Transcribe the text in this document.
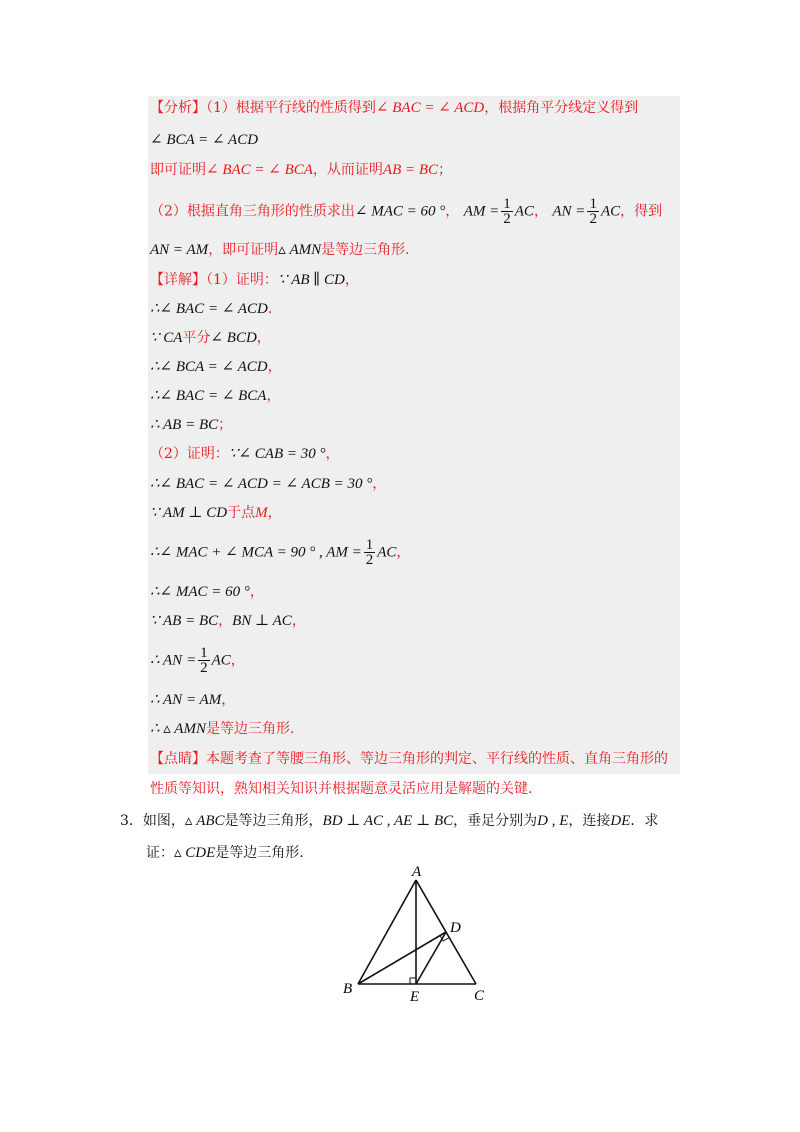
【分析】（1）根据平行线的性质得到∠ BAC = ∠ ACD，根据角平分线定义得到
∠ BCA = ∠ ACD
即可证明∠ BAC = ∠ BCA，从而证明AB = BC；
（2）根据直角三角形的性质求出∠ MAC = 60 °， AM = $\frac{1}{2}$ AC， AN = $\frac{1}{2}$ AC，得到
AN = AM，即可证明▵ AMN是等边三角形.
【详解】（1）证明：∵ AB ∥ CD，
∴∠ BAC = ∠ ACD.
∵ CA平分∠ BCD，
∴∠ BCA = ∠ ACD，
∴∠ BAC = ∠ BCA，
∴ AB = BC；
（2）证明：∵∠ CAB = 30 °，
∴∠ BAC = ∠ ACD = ∠ ACB = 30 °，
∵ AM ⊥ CD于点M，
∴∠ MAC + ∠ MCA = 90 ° , AM = $\frac{1}{2}$ AC，
∴∠ MAC = 60 °，
∵ AB = BC，BN ⊥ AC，
∴ AN = $\frac{1}{2}$ AC，
∴ AN = AM，
∴ ▵ AMN是等边三角形.
【点睛】本题考查了等腰三角形、等边三角形的判定、平行线的性质、直角三角形的
性质等知识，熟知相关知识并根据题意灵活应用是解题的关键.
3．如图，▵ ABC是等边三角形，BD ⊥ AC , AE ⊥ BC，垂足分别为D , E，连接DE．求
证：▵ CDE是等边三角形.
A
B	C
D
E
